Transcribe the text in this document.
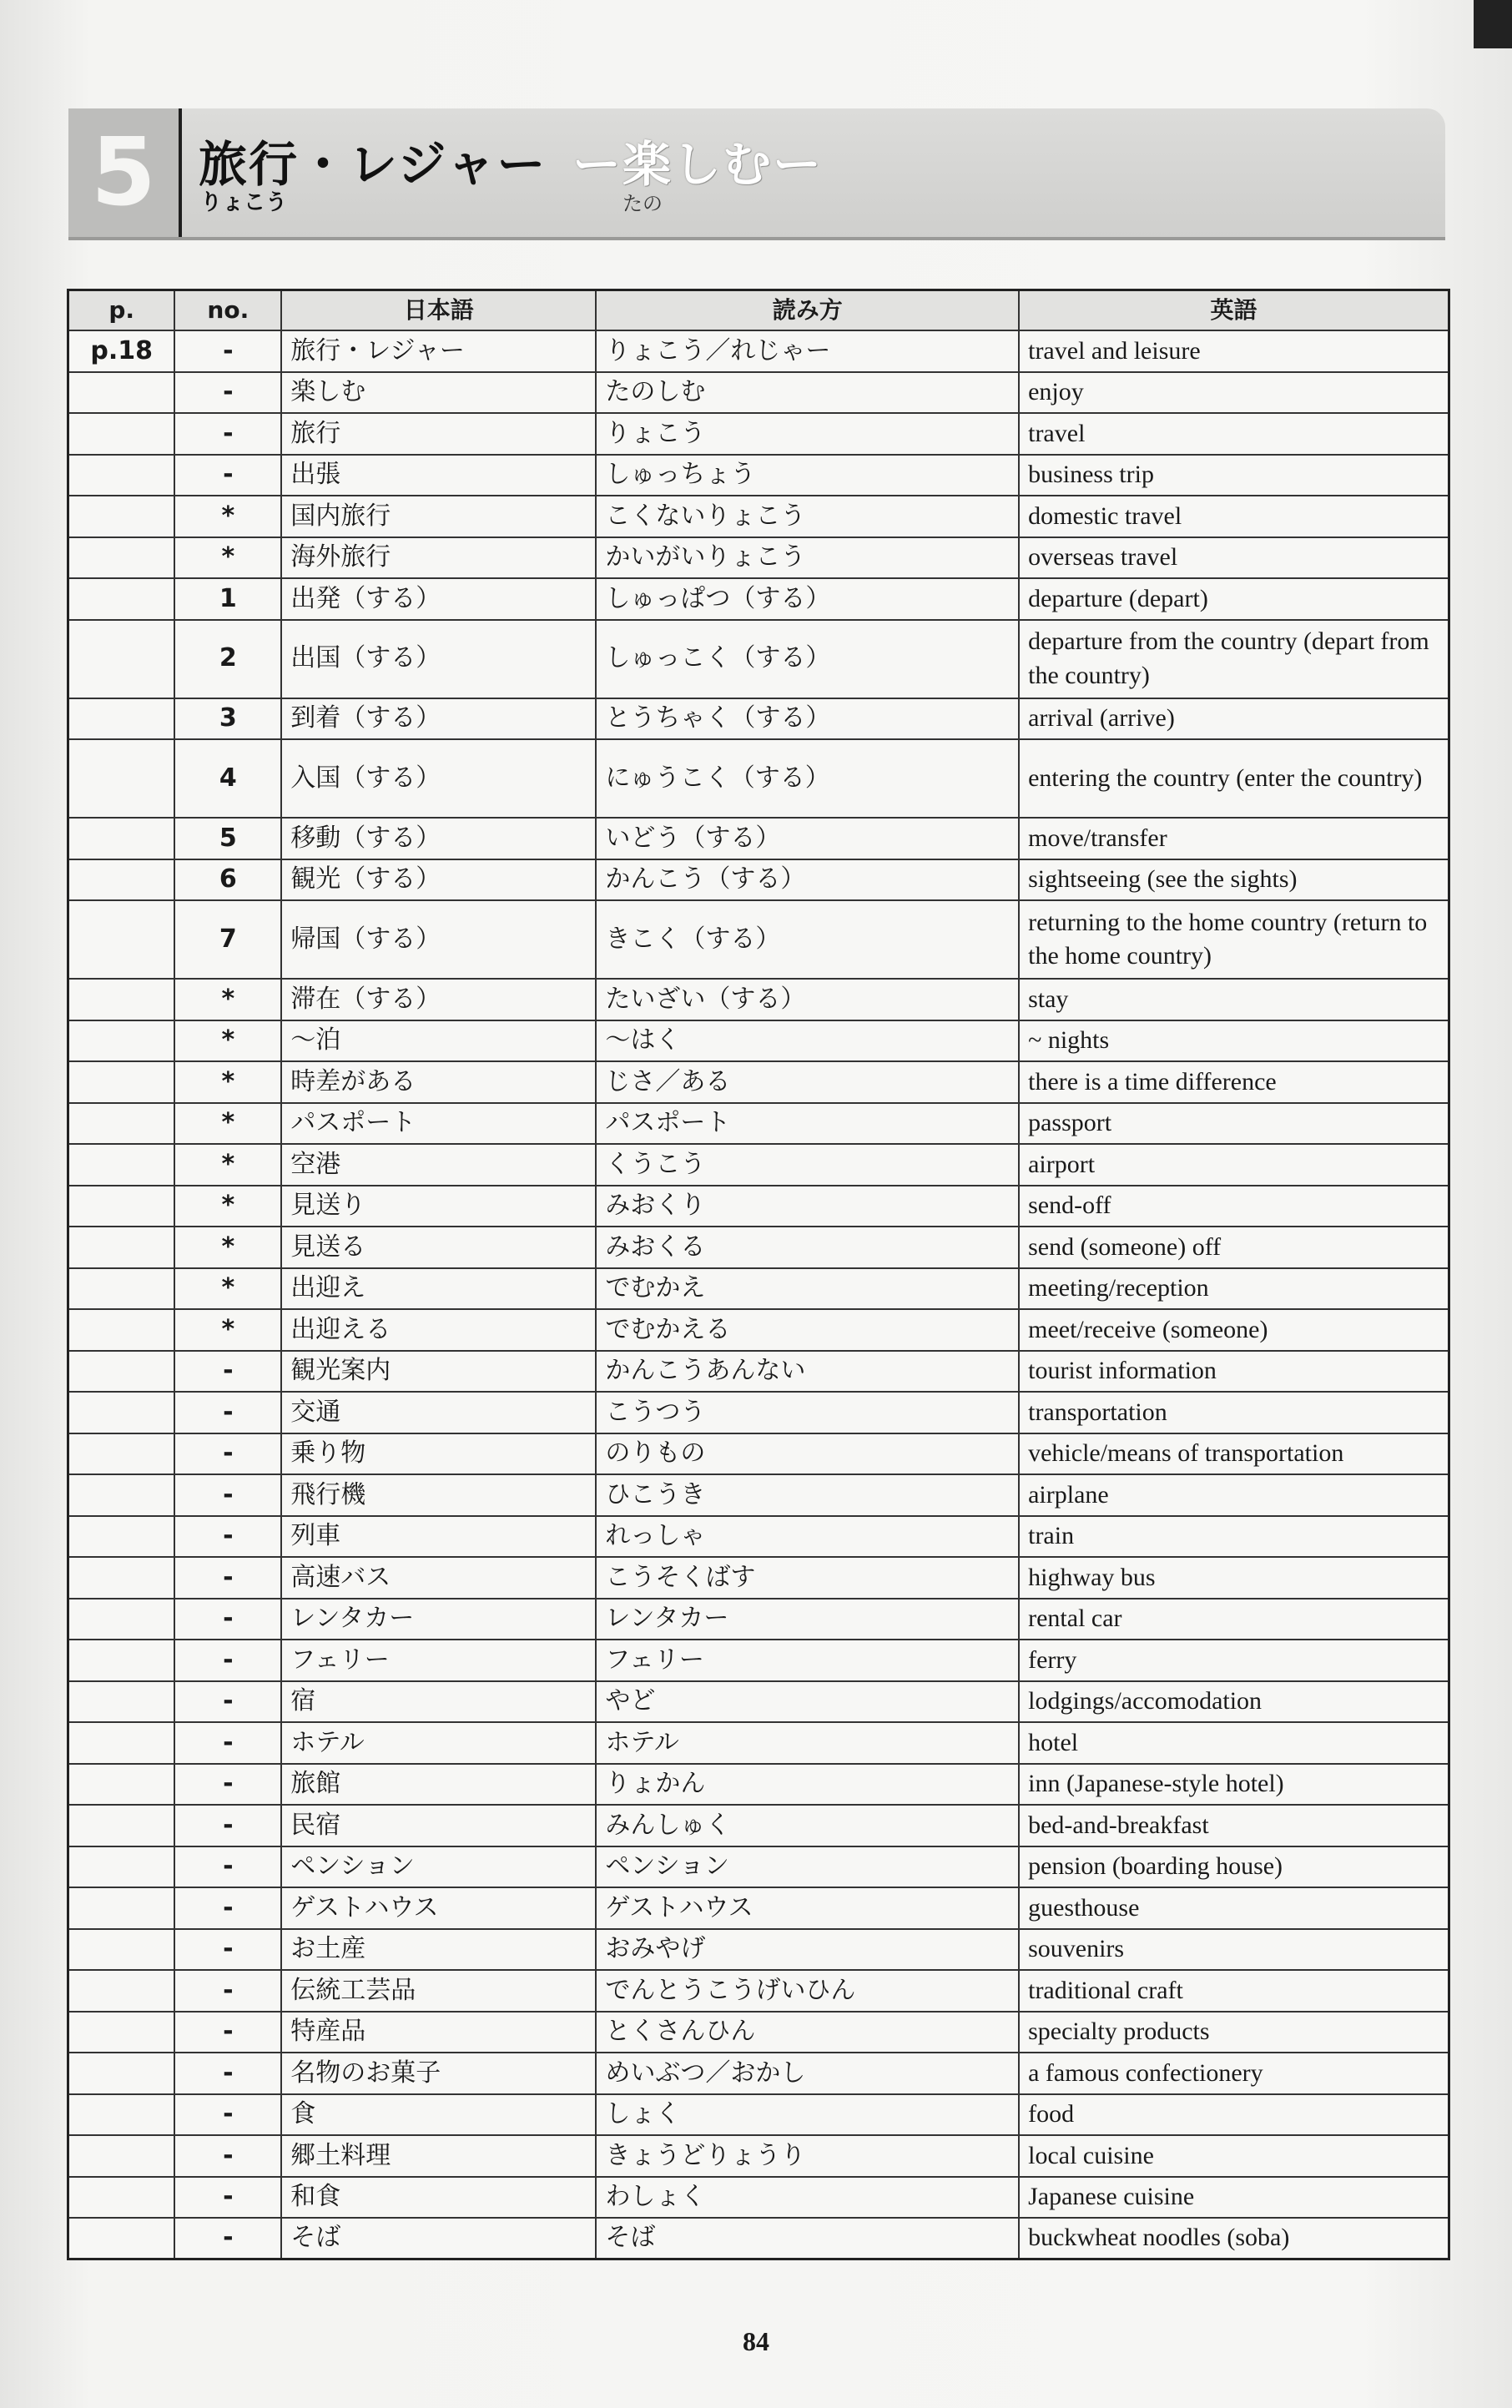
5 旅行・レジャー
りょこう
ー楽しむー
たの
p.	no.	日本語	読み方	英語
p.18	-	旅行・レジャー	りょこう／れじゃー	travel and leisure
	-	楽しむ	たのしむ	enjoy
	-	旅行	りょこう	travel
	-	出張	しゅっちょう	business trip
	*	国内旅行	こくないりょこう	domestic travel
	*	海外旅行	かいがいりょこう	overseas travel
	1	出発（する）	しゅっぱつ（する）	departure (depart)
	2	出国（する）	しゅっこく（する）	departure from the country (depart from the country)
	3	到着（する）	とうちゃく（する）	arrival (arrive)
	4	入国（する）	にゅうこく（する）	entering the country (enter the country)
	5	移動（する）	いどう（する）	move/transfer
	6	観光（する）	かんこう（する）	sightseeing (see the sights)
	7	帰国（する）	きこく（する）	returning to the home country (return to the home country)
	*	滞在（する）	たいざい（する）	stay
	*	〜泊	〜はく	~ nights
	*	時差がある	じさ／ある	there is a time difference
	*	パスポート	パスポート	passport
	*	空港	くうこう	airport
	*	見送り	みおくり	send-off
	*	見送る	みおくる	send (someone) off
	*	出迎え	でむかえ	meeting/reception
	*	出迎える	でむかえる	meet/receive (someone)
	-	観光案内	かんこうあんない	tourist information
	-	交通	こうつう	transportation
	-	乗り物	のりもの	vehicle/means of transportation
	-	飛行機	ひこうき	airplane
	-	列車	れっしゃ	train
	-	高速バス	こうそくばす	highway bus
	-	レンタカー	レンタカー	rental car
	-	フェリー	フェリー	ferry
	-	宿	やど	lodgings/accomodation
	-	ホテル	ホテル	hotel
	-	旅館	りょかん	inn (Japanese-style hotel)
	-	民宿	みんしゅく	bed-and-breakfast
	-	ペンション	ペンション	pension (boarding house)
	-	ゲストハウス	ゲストハウス	guesthouse
	-	お土産	おみやげ	souvenirs
	-	伝統工芸品	でんとうこうげいひん	traditional craft
	-	特産品	とくさんひん	specialty products
	-	名物のお菓子	めいぶつ／おかし	a famous confectionery
	-	食	しょく	food
	-	郷土料理	きょうどりょうり	local cuisine
	-	和食	わしょく	Japanese cuisine
	-	そば	そば	buckwheat noodles (soba)
84
